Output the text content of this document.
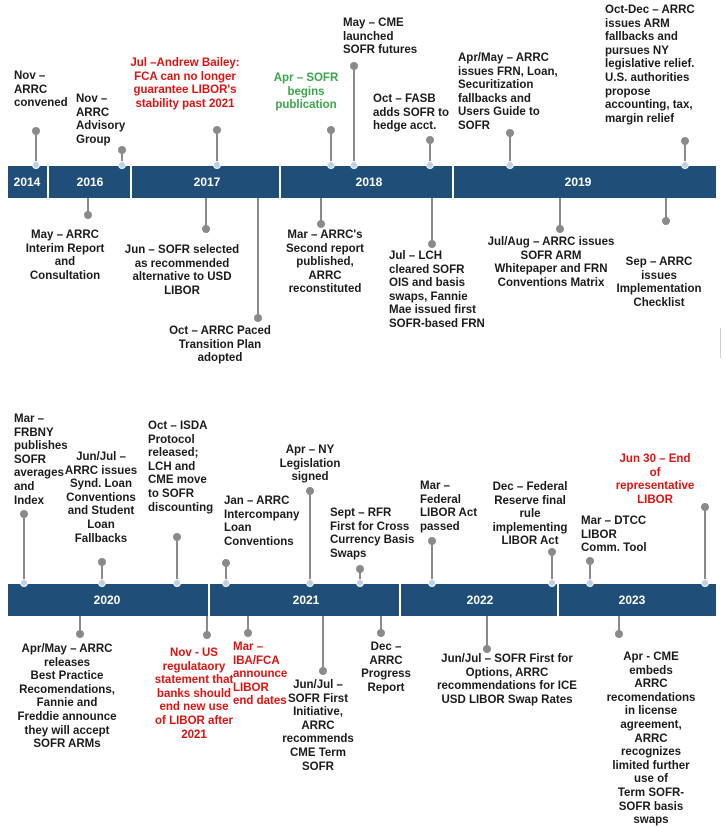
Nov –
ARRC
convened Nov –
ARRC
Advisory
Group
Jul –Andrew Bailey:
FCA can no longer
guarantee LIBOR's
stability past 2021
Apr – SOFR
begins
publication
May – CME
launched
SOFR futures
Oct – FASB
adds SOFR to
hedge acct.
Apr/May – ARRC
issues FRN, Loan,
Securitization
fallbacks and
Users Guide to
SOFR
Oct-Dec – ARRC
issues ARM
fallbacks and
pursues NY
legislative relief.
U.S. authorities
propose
accounting, tax,
margin relief
2014	2016	2017	2018	2019
May – ARRC
Interim Report
and
Consultation
Jun – SOFR selected
as recommended
alternative to USD
LIBOR
Oct – ARRC Paced
Transition Plan
adopted
Mar – ARRC's
Second report
published,
ARRC
reconstituted
Jul – LCH
cleared SOFR
OIS and basis
swaps, Fannie
Mae issued first
SOFR-based FRN
Jul/Aug – ARRC issues
SOFR ARM
Whitepaper and FRN
Conventions Matrix
Sep – ARRC issues
Implementation
Checklist
Mar –
FRBNY
publishes
SOFR
averages
and
Index
Jun/Jul –
ARRC issues
Synd. Loan
Conventions
and Student
Loan
Fallbacks
Oct – ISDA
Protocol
released;
LCH and
CME move
to SOFR
discounting
Jan – ARRC
Intercompany
Loan
Conventions
Apr – NY
Legislation
signed
Sept – RFR
First for Cross
Currency Basis
Swaps
Mar –
Federal
LIBOR Act
passed
Dec – Federal
Reserve final
rule
implementing
LIBOR Act
Mar – DTCC
LIBOR
Comm. Tool
Jun 30 – End of
representative
LIBOR
2020	2021	2022	2023
Apr/May – ARRC
releases
Best Practice
Recomendations,
Fannie and
Freddie announce
they will accept
SOFR ARMs
Nov - US
regulataory
statement that
banks should
end new use
of LIBOR after
2021
Mar –
IBA/FCA
announce
LIBOR
end dates
Jun/Jul –
SOFR First
Initiative,
ARRC
recommends
CME Term
SOFR
Dec –
ARRC
Progress
Report
Jun/Jul – SOFR First for
Options, ARRC
recommendations for ICE
USD LIBOR Swap Rates
Apr - CME embeds
ARRC recomendations
in license agreement,
ARRC recognizes
limited further use of
Term SOFR-SOFR basis
swaps
